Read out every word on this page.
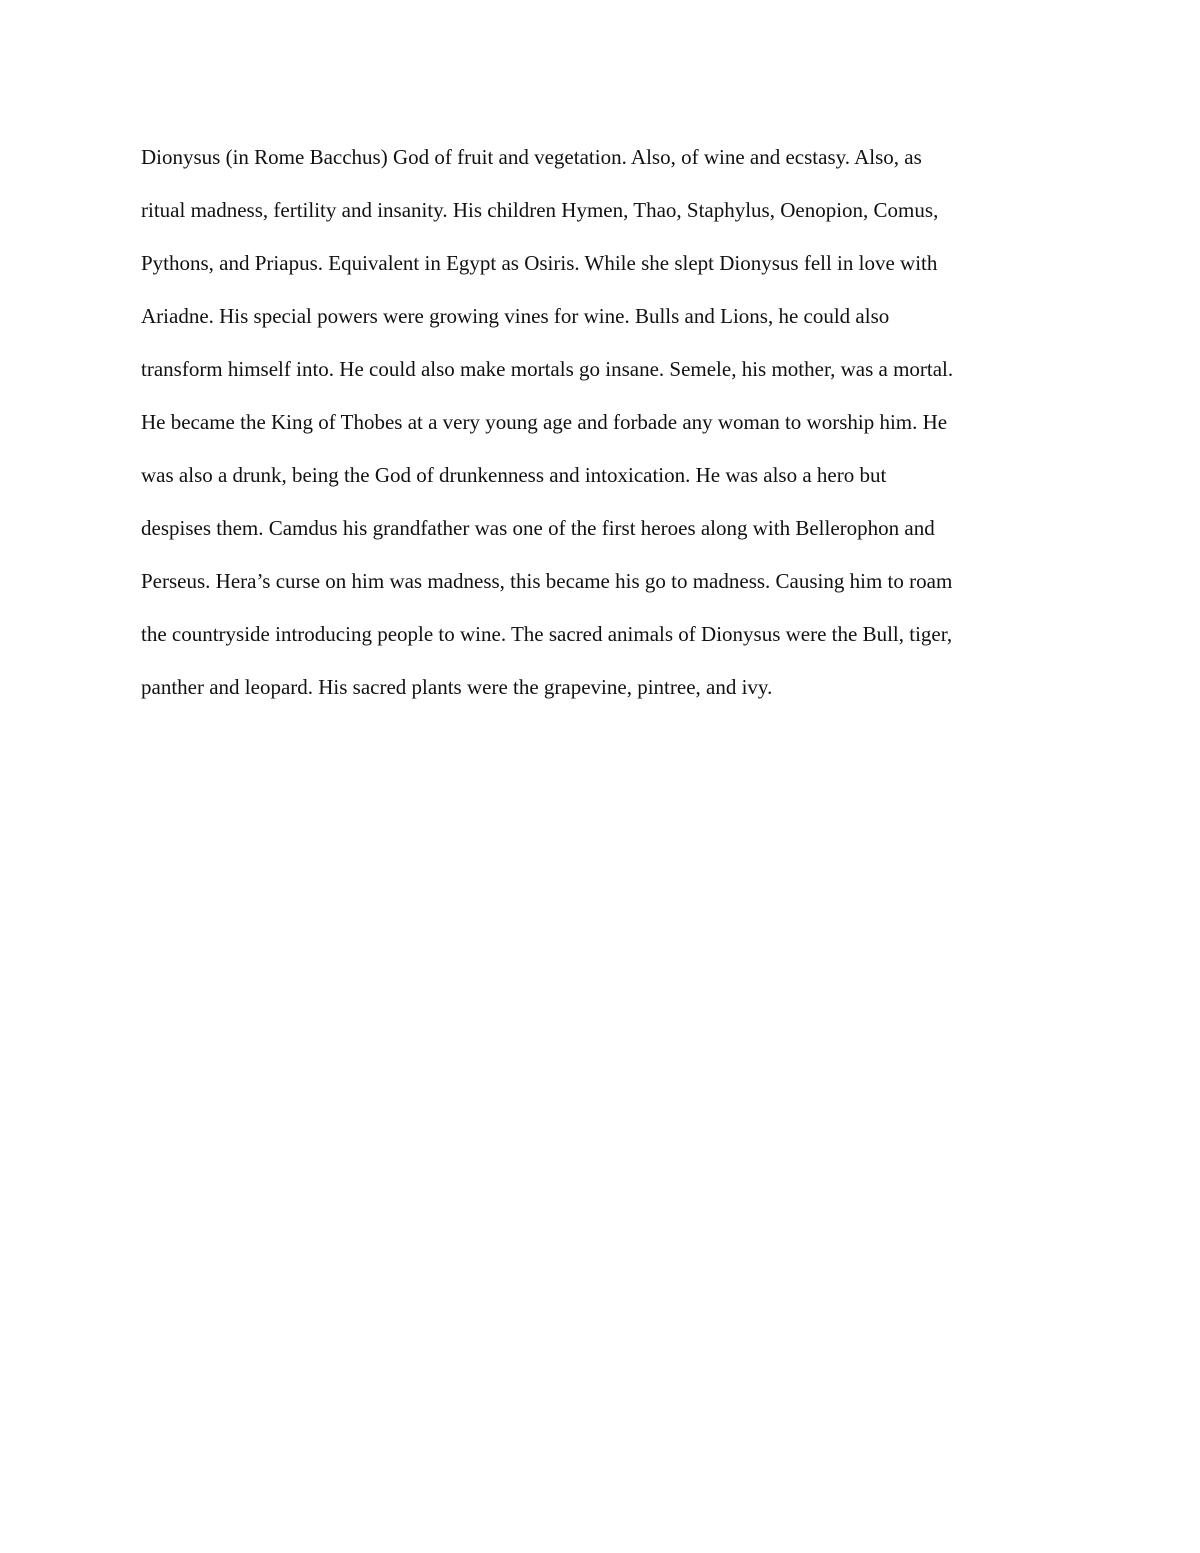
Dionysus (in Rome Bacchus) God of fruit and vegetation. Also, of wine and ecstasy. Also, as
ritual madness, fertility and insanity. His children Hymen, Thao, Staphylus, Oenopion, Comus,
Pythons, and Priapus. Equivalent in Egypt as Osiris. While she slept Dionysus fell in love with
Ariadne. His special powers were growing vines for wine. Bulls and Lions, he could also
transform himself into. He could also make mortals go insane. Semele, his mother, was a mortal.
He became the King of Thobes at a very young age and forbade any woman to worship him. He
was also a drunk, being the God of drunkenness and intoxication. He was also a hero but
despises them. Camdus his grandfather was one of the first heroes along with Bellerophon and
Perseus. Hera’s curse on him was madness, this became his go to madness. Causing him to roam
the countryside introducing people to wine. The sacred animals of Dionysus were the Bull, tiger,
panther and leopard. His sacred plants were the grapevine, pintree, and ivy.
